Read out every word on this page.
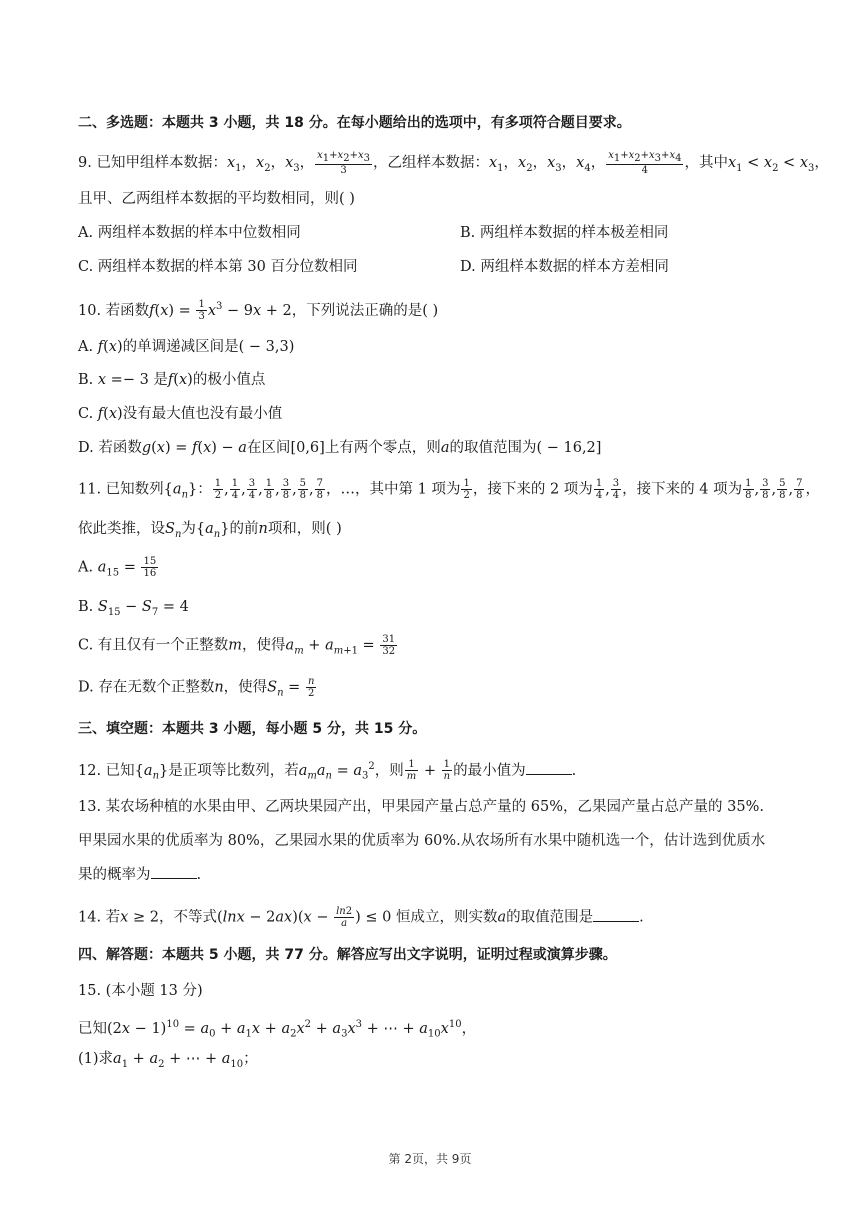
二、多选题：本题共 3 小题，共 18 分。在每小题给出的选项中，有多项符合题目要求。
9. 已知甲组样本数据：$x_1$，$x_2$，$x_3$， $\frac{x_1+x_2+x_3}{3}$ ，乙组样本数据：$x_1$，$x_2$，$x_3$，$x_4$， $\frac{x_1+x_2+x_3+x_4}{4}$ ，其中$x_1 < x_2 < x_3$，
且甲、乙两组样本数据的平均数相同，则( )
A. 两组样本数据的样本中位数相同	B. 两组样本数据的样本极差相同
C. 两组样本数据的样本第 30 百分位数相同	D. 两组样本数据的样本方差相同
10. 若函数$f(x) = \frac{1}{3} x^3 - 9x + 2$，下列说法正确的是( )
A. f(x)的单调递减区间是( − 3,3)
B. x =− 3 是f(x)的极小值点
C. f(x)没有最大值也没有最小值
D. 若函数g(x) = f(x) − a在区间[0,6]上有两个零点，则a的取值范围为( − 16,2]
11. 已知数列$\{a_n\}$： $\frac{1}{2}$ , $\frac{1}{4}$ , $\frac{3}{4}$ , $\frac{1}{8}$ , $\frac{3}{8}$ , $\frac{5}{8}$ , $\frac{7}{8}$ ，…，其中第 1 项为 $\frac{1}{2}$ ，接下来的 2 项为 $\frac{1}{4}$ , $\frac{3}{4}$ ，接下来的 4 项为 $\frac{1}{8}$ , $\frac{3}{8}$ , $\frac{5}{8}$ , $\frac{7}{8}$ ，
依此类推，设$S_n$为$\{a_n\}$的前n项和，则( )
A. $a_{15} = \frac{15}{16}$
B. $S_{15} - S_7 = 4$
C. 有且仅有一个正整数m，使得$a_m + a_{m+1} = \frac{31}{32}$
D. 存在无数个正整数n，使得$S_n = \frac{n}{2}$
三、填空题：本题共 3 小题，每小题 5 分，共 15 分。
12. 已知$\{a_n\}$是正项等比数列，若$a_ma_n = a_3^2$，则 $\frac{1}{m} + \frac{1}{n}$ 的最小值为	.
13. 某农场种植的水果由甲、乙两块果园产出，甲果园产量占总产量的 65%，乙果园产量占总产量的 35%.
甲果园水果的优质率为 80%，乙果园水果的优质率为 60%.从农场所有水果中随机选一个，估计选到优质水
果的概率为	.
14. 若x ≥ 2，不等式$(\ln x - 2ax)(x - \frac{\ln 2}{a}$ ) ≤ 0 恒成立，则实数a的取值范围是	.
四、解答题：本题共 5 小题，共 77 分。解答应写出文字说明，证明过程或演算步骤。
15. (本小题 13 分)
已知$(2x - 1)^{10} = a_0 + a_1x + a_2x^2 + a_3x^3$ + ⋯ + $a_{10}x^{10}$，
(1)求$a_1 + a_2$ + ⋯ + $a_{10}$；
第 2页，共 9页
